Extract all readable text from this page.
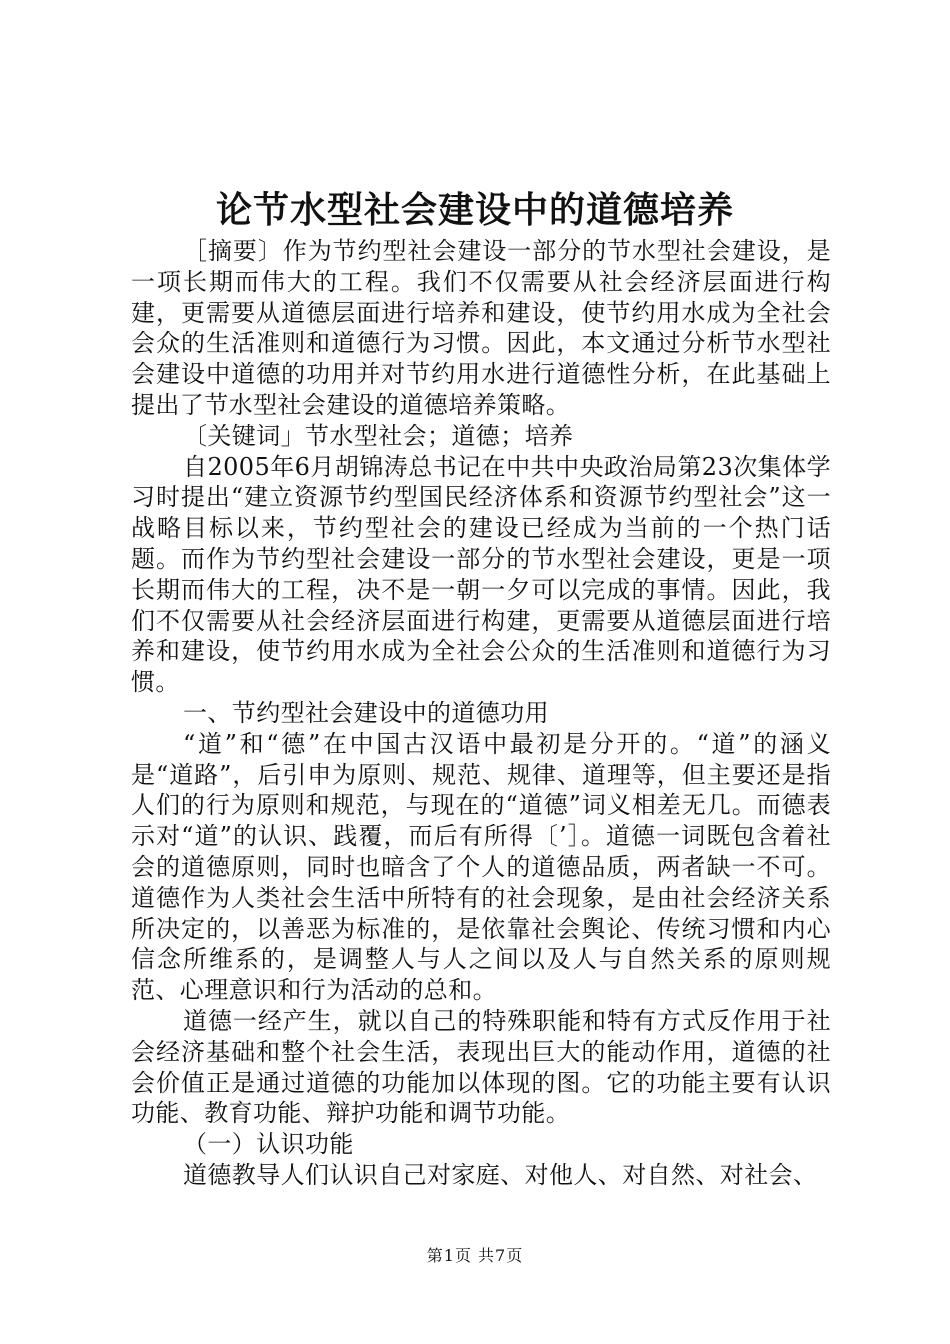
论节水型社会建设中的道德培养

［摘要〕作为节约型社会建设一部分的节水型社会建设，是一项长期而伟大的工程。我们不仅需要从社会经济层面进行构建，更需要从道德层面进行培养和建设，使节约用水成为全社会会众的生活准则和道德行为习惯。因此，本文通过分析节水型社会建设中道德的功用并对节约用水进行道德性分析，在此基础上提出了节水型社会建设的道德培养策略。

〔关键词」节水型社会；道德；培养

自2005年6月胡锦涛总书记在中共中央政治局第23次集体学习时提出“建立资源节约型国民经济体系和资源节约型社会”这一战略目标以来，节约型社会的建设已经成为当前的一个热门话题。而作为节约型社会建设一部分的节水型社会建设，更是一项长期而伟大的工程，决不是一朝一夕可以完成的事情。因此，我们不仅需要从社会经济层面进行构建，更需要从道德层面进行培养和建设，使节约用水成为全社会公众的生活准则和道德行为习惯。

一、节约型社会建设中的道德功用

“道”和“德”在中国古汉语中最初是分开的。“道”的涵义是“道路”，后引申为原则、规范、规律、道理等，但主要还是指人们的行为原则和规范，与现在的“道德”词义相差无几。而德表示对“道”的认识、践覆，而后有所得〔’］。道德一词既包含着社会的道德原则，同时也暗含了个人的道德品质，两者缺一不可。道德作为人类社会生活中所特有的社会现象，是由社会经济关系所决定的，以善恶为标准的，是依靠社会舆论、传统习惯和内心信念所维系的，是调整人与人之间以及人与自然关系的原则规范、心理意识和行为活动的总和。

道德一经产生，就以自己的特殊职能和特有方式反作用于社会经济基础和整个社会生活，表现出巨大的能动作用，道德的社会价值正是通过道德的功能加以体现的图。它的功能主要有认识功能、教育功能、辩护功能和调节功能。

（一）认识功能

道德教导人们认识自己对家庭、对他人、对自然、对社会、

第1页 共7页
